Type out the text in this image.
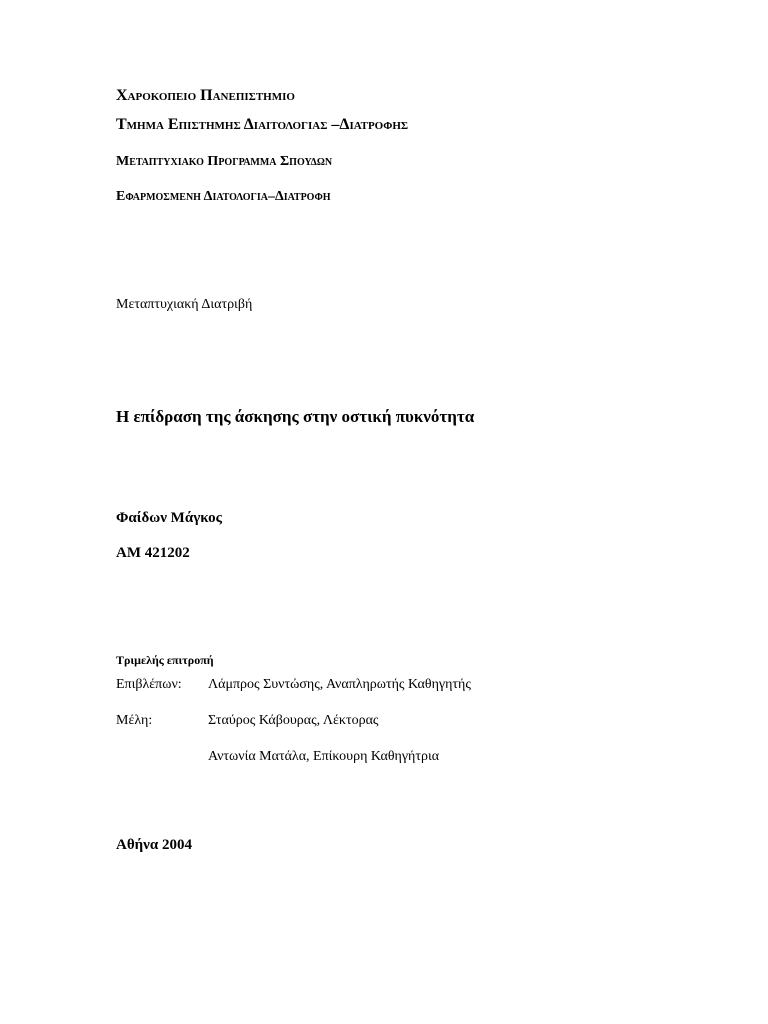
Χαροκοπειο Πανεπιστημιο
Τμημα Επιστημης Διαιτολογιας –Διατροφης
Μεταπτυχιακο Προγραμμα Σπουδων
Εφαρμοσμενη Διατολογια–Διατροφη
Μεταπτυχιακή Διατριβή
Η επίδραση της άσκησης στην οστική πυκνότητα
Φαίδων Μάγκος
ΑΜ 421202
Τριμελής επιτροπή
Επιβλέπων: Λάμπρος Συντώσης, Αναπληρωτής Καθηγητής
Μέλη:	Σταύρος Κάβουρας, Λέκτορας
Αντωνία Ματάλα, Επίκουρη Καθηγήτρια
Αθήνα 2004
